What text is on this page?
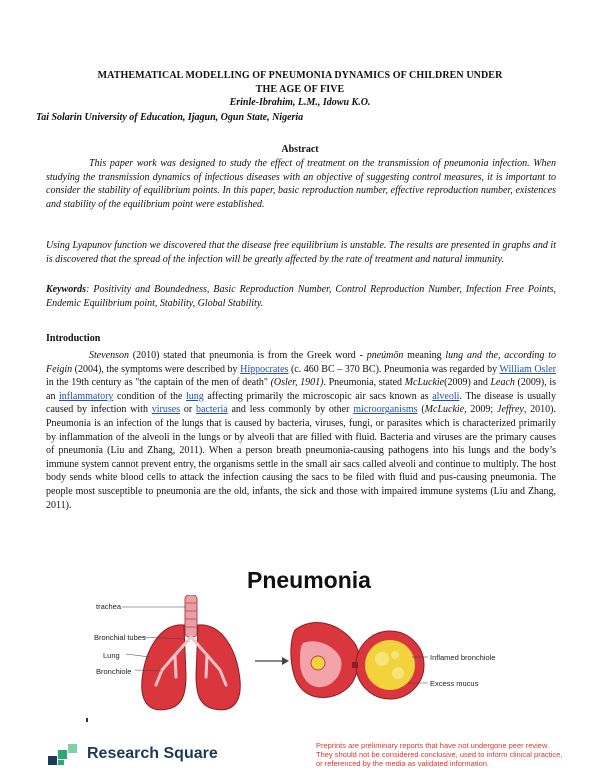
MATHEMATICAL MODELLING OF PNEUMONIA DYNAMICS OF CHILDREN UNDER
THE AGE OF FIVE
Erinle-Ibrahim, L.M., Idowu K.O.
Tai Solarin University of Education, Ijagun, Ogun State, Nigeria
Abstract
This paper work was designed to study the effect of treatment on the transmission of pneumonia infection. When studying the transmission dynamics of infectious diseases with an objective of suggesting control measures, it is important to consider the stability of equilibrium points. In this paper, basic reproduction number, effective reproduction number, existences and stability of the equilibrium point were established.
Using Lyapunov function we discovered that the disease free equilibrium is unstable. The results are presented in graphs and it is discovered that the spread of the infection will be greatly affected by the rate of treatment and natural immunity.
Keywords: Positivity and Boundedness, Basic Reproduction Number, Control Reproduction Number, Infection Free Points, Endemic Equilibrium point, Stability, Global Stability.
Introduction
Stevenson (2010) stated that pneumonia is from the Greek word - pneúmōn meaning lung and the, according to Feigin (2004), the symptoms were described by Hippocrates (c. 460 BC – 370 BC). Pneumonia was regarded by William Osler in the 19th century as "the captain of the men of death" (Osler, 1901). Pneumonia, stated McLuckie(2009) and Leach (2009), is an inflammatory condition of the lung affecting primarily the microscopic air sacs known as alveoli. The disease is usually caused by infection with viruses or bacteria and less commonly by other microorganisms (McLuckie, 2009; Jeffrey, 2010). Pneumonia is an infection of the lungs that is caused by bacteria, viruses, fungi, or parasites which is characterized primarily by inflammation of the alveoli in the lungs or by alveoli that are filled with fluid. Bacteria and viruses are the primary causes of pneumonia (Liu and Zhang, 2011). When a person breath pneumonia-causing pathogens into his lungs and the body’s immune system cannot prevent entry, the organisms settle in the small air sacs called alveoli and continue to multiply. The host body sends white blood cells to attack the infection causing the sacs to be filed with fluid and pus-causing pneumonia. The people most susceptible to pneumonia are the old, infants, the sick and those with impaired immune systems (Liu and Zhang, 2011).
Pneumonia
trachea
Bronchial tubes
Lung
Bronchiole
Inflamed bronchiole
Excess mucus
Research Square	Preprints are preliminary reports that have not undergone peer review.
They should not be considered conclusive, used to inform clinical practice,
or referenced by the media as validated information.
